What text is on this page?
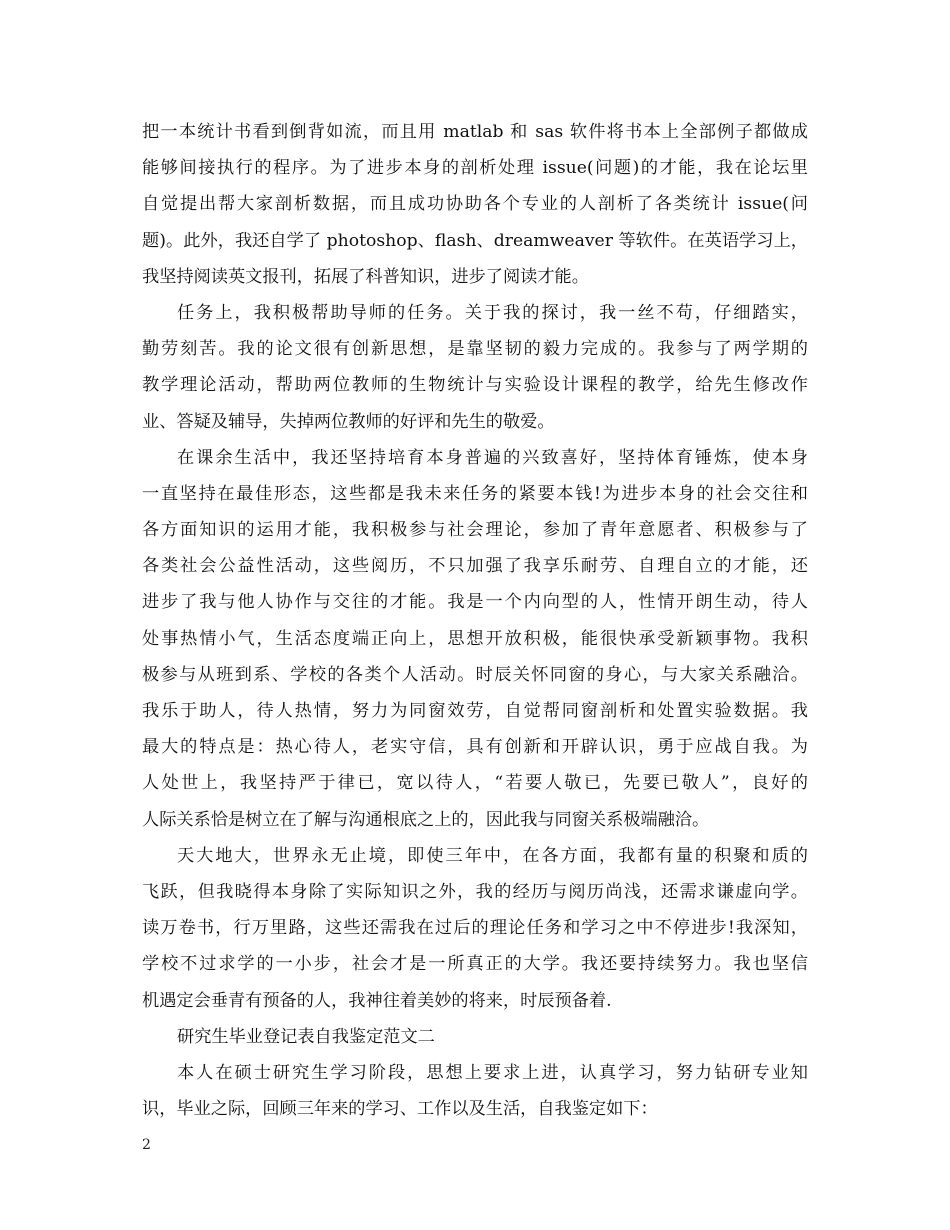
把一本统计书看到倒背如流，而且用 matlab 和 sas 软件将书本上全部例子都做成
能够间接执行的程序。为了进步本身的剖析处理 issue(问题)的才能，我在论坛里
自觉提出帮大家剖析数据，而且成功协助各个专业的人剖析了各类统计 issue(问
题)。此外，我还自学了 photoshop、flash、dreamweaver 等软件。在英语学习上，
我坚持阅读英文报刊，拓展了科普知识，进步了阅读才能。
任务上，我积极帮助导师的任务。关于我的探讨，我一丝不苟，仔细踏实，
勤劳刻苦。我的论文很有创新思想，是靠坚韧的毅力完成的。我参与了两学期的
教学理论活动，帮助两位教师的生物统计与实验设计课程的教学，给先生修改作
业、答疑及辅导，失掉两位教师的好评和先生的敬爱。
在课余生活中，我还坚持培育本身普遍的兴致喜好，坚持体育锤炼，使本身
一直坚持在最佳形态，这些都是我未来任务的紧要本钱!为进步本身的社会交往和
各方面知识的运用才能，我积极参与社会理论，参加了青年意愿者、积极参与了
各类社会公益性活动，这些阅历，不只加强了我享乐耐劳、自理自立的才能，还
进步了我与他人协作与交往的才能。我是一个内向型的人，性情开朗生动，待人
处事热情小气，生活态度端正向上，思想开放积极，能很快承受新颖事物。我积
极参与从班到系、学校的各类个人活动。时辰关怀同窗的身心，与大家关系融洽。
我乐于助人，待人热情，努力为同窗效劳，自觉帮同窗剖析和处置实验数据。我
最大的特点是：热心待人，老实守信，具有创新和开辟认识，勇于应战自我。为
人处世上，我坚持严于律已，宽以待人，“若要人敬已，先要已敬人”，良好的
人际关系恰是树立在了解与沟通根底之上的，因此我与同窗关系极端融洽。
天大地大，世界永无止境，即使三年中，在各方面，我都有量的积聚和质的
飞跃，但我晓得本身除了实际知识之外，我的经历与阅历尚浅，还需求谦虚向学。
读万卷书，行万里路，这些还需我在过后的理论任务和学习之中不停进步!我深知，
学校不过求学的一小步，社会才是一所真正的大学。我还要持续努力。我也坚信
机遇定会垂青有预备的人，我神往着美妙的将来，时辰预备着.
研究生毕业登记表自我鉴定范文二
本人在硕士研究生学习阶段，思想上要求上进，认真学习，努力钻研专业知
识，毕业之际，回顾三年来的学习、工作以及生活，自我鉴定如下：
2
